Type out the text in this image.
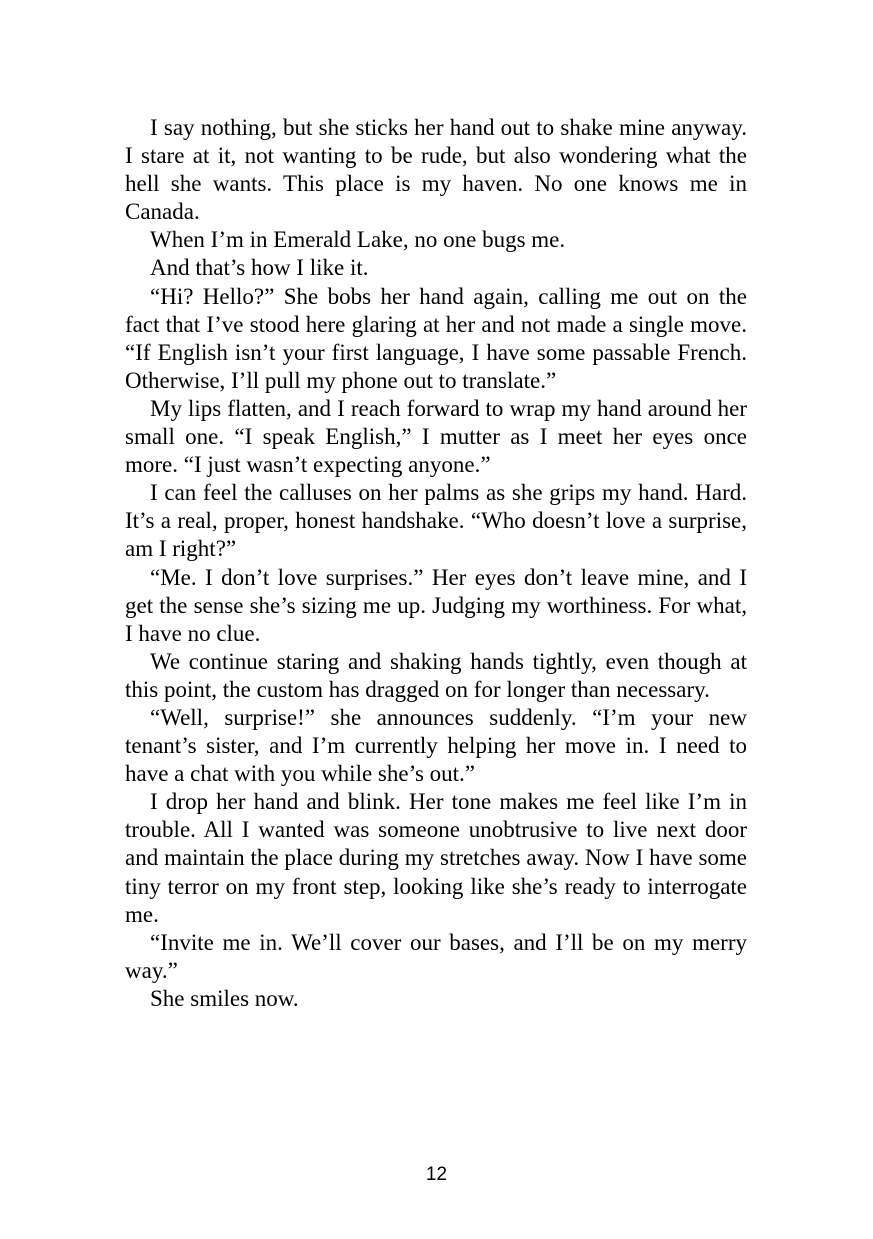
I say nothing, but she sticks her hand out to shake mine anyway. I stare at it, not wanting to be rude, but also wondering what the hell she wants. This place is my haven. No one knows me in Canada.

When I’m in Emerald Lake, no one bugs me.

And that’s how I like it.

“Hi? Hello?” She bobs her hand again, calling me out on the fact that I’ve stood here glaring at her and not made a single move. “If English isn’t your first language, I have some passable French. Otherwise, I’ll pull my phone out to translate.”

My lips flatten, and I reach forward to wrap my hand around her small one. “I speak English,” I mutter as I meet her eyes once more. “I just wasn’t expecting anyone.”

I can feel the calluses on her palms as she grips my hand. Hard. It’s a real, proper, honest handshake. “Who doesn’t love a surprise, am I right?”

“Me. I don’t love surprises.” Her eyes don’t leave mine, and I get the sense she’s sizing me up. Judging my worthiness. For what, I have no clue.

We continue staring and shaking hands tightly, even though at this point, the custom has dragged on for longer than necessary.

“Well, surprise!” she announces suddenly. “I’m your new tenant’s sister, and I’m currently helping her move in. I need to have a chat with you while she’s out.”

I drop her hand and blink. Her tone makes me feel like I’m in trouble. All I wanted was someone unobtrusive to live next door and maintain the place during my stretches away. Now I have some tiny terror on my front step, looking like she’s ready to interrogate me.

“Invite me in. We’ll cover our bases, and I’ll be on my merry way.”

She smiles now.

12
